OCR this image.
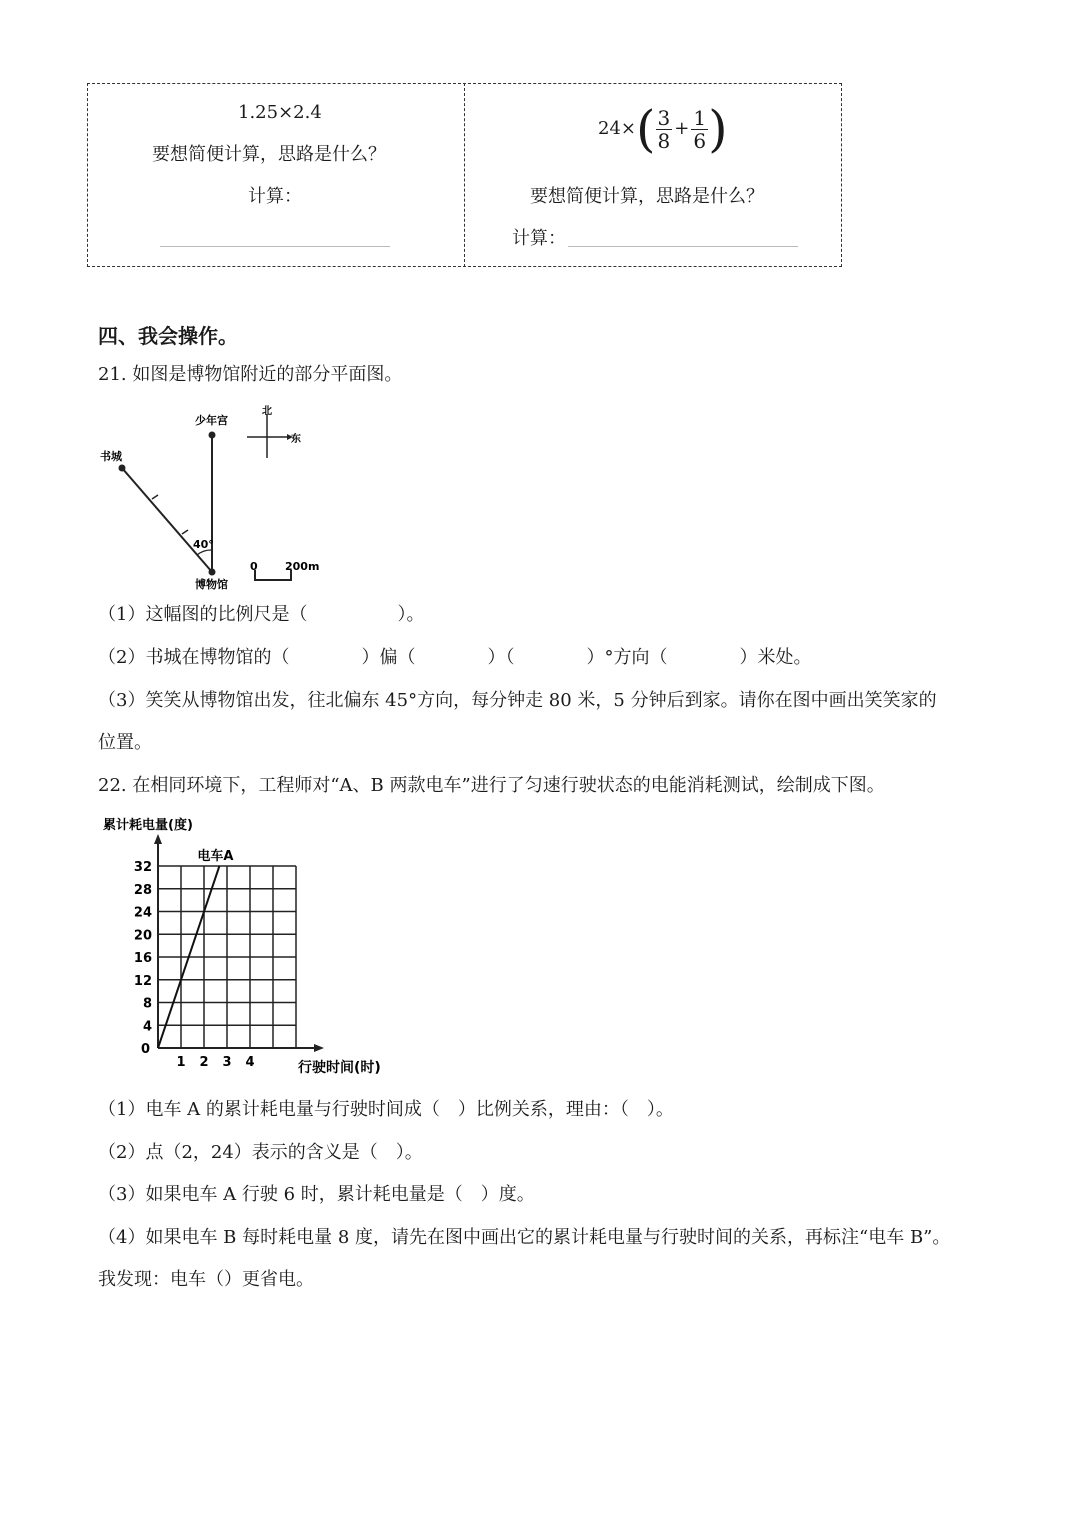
1.25×2.4
要想简便计算，思路是什么？
计算：
$24\times( \frac{3}{8} + \frac{1}{6}$ )
要想简便计算，思路是什么？
计算：
四、我会操作。
21. 如图是博物馆附近的部分平面图。
少年宫
书城
40°
博物馆
北
东
0 200m
（1）这幅图的比例尺是（　　　　　）。
（2）书城在博物馆的（　　　　）偏（　　　　）（　　　　）°方向（　　　　）米处。
（3）笑笑从博物馆出发，往北偏东 45°方向，每分钟走 80 米，5 分钟后到家。请你在图中画出笑笑家的
位置。
22. 在相同环境下，工程师对“A、B 两款电车”进行了匀速行驶状态的电能消耗测试，绘制成下图。
累计耗电量(度)
行驶时间(时)
4
8
12
16
20
24
28
32
0
1 2 3 4
电车A
（1）电车 A 的累计耗电量与行驶时间成（　）比例关系，理由：（　）。
（2）点（2，24）表示的含义是（　）。
（3）如果电车 A 行驶 6 时，累计耗电量是（　）度。
（4）如果电车 B 每时耗电量 8 度，请先在图中画出它的累计耗电量与行驶时间的关系，再标注“电车 B”。
我发现：电车（）更省电。
